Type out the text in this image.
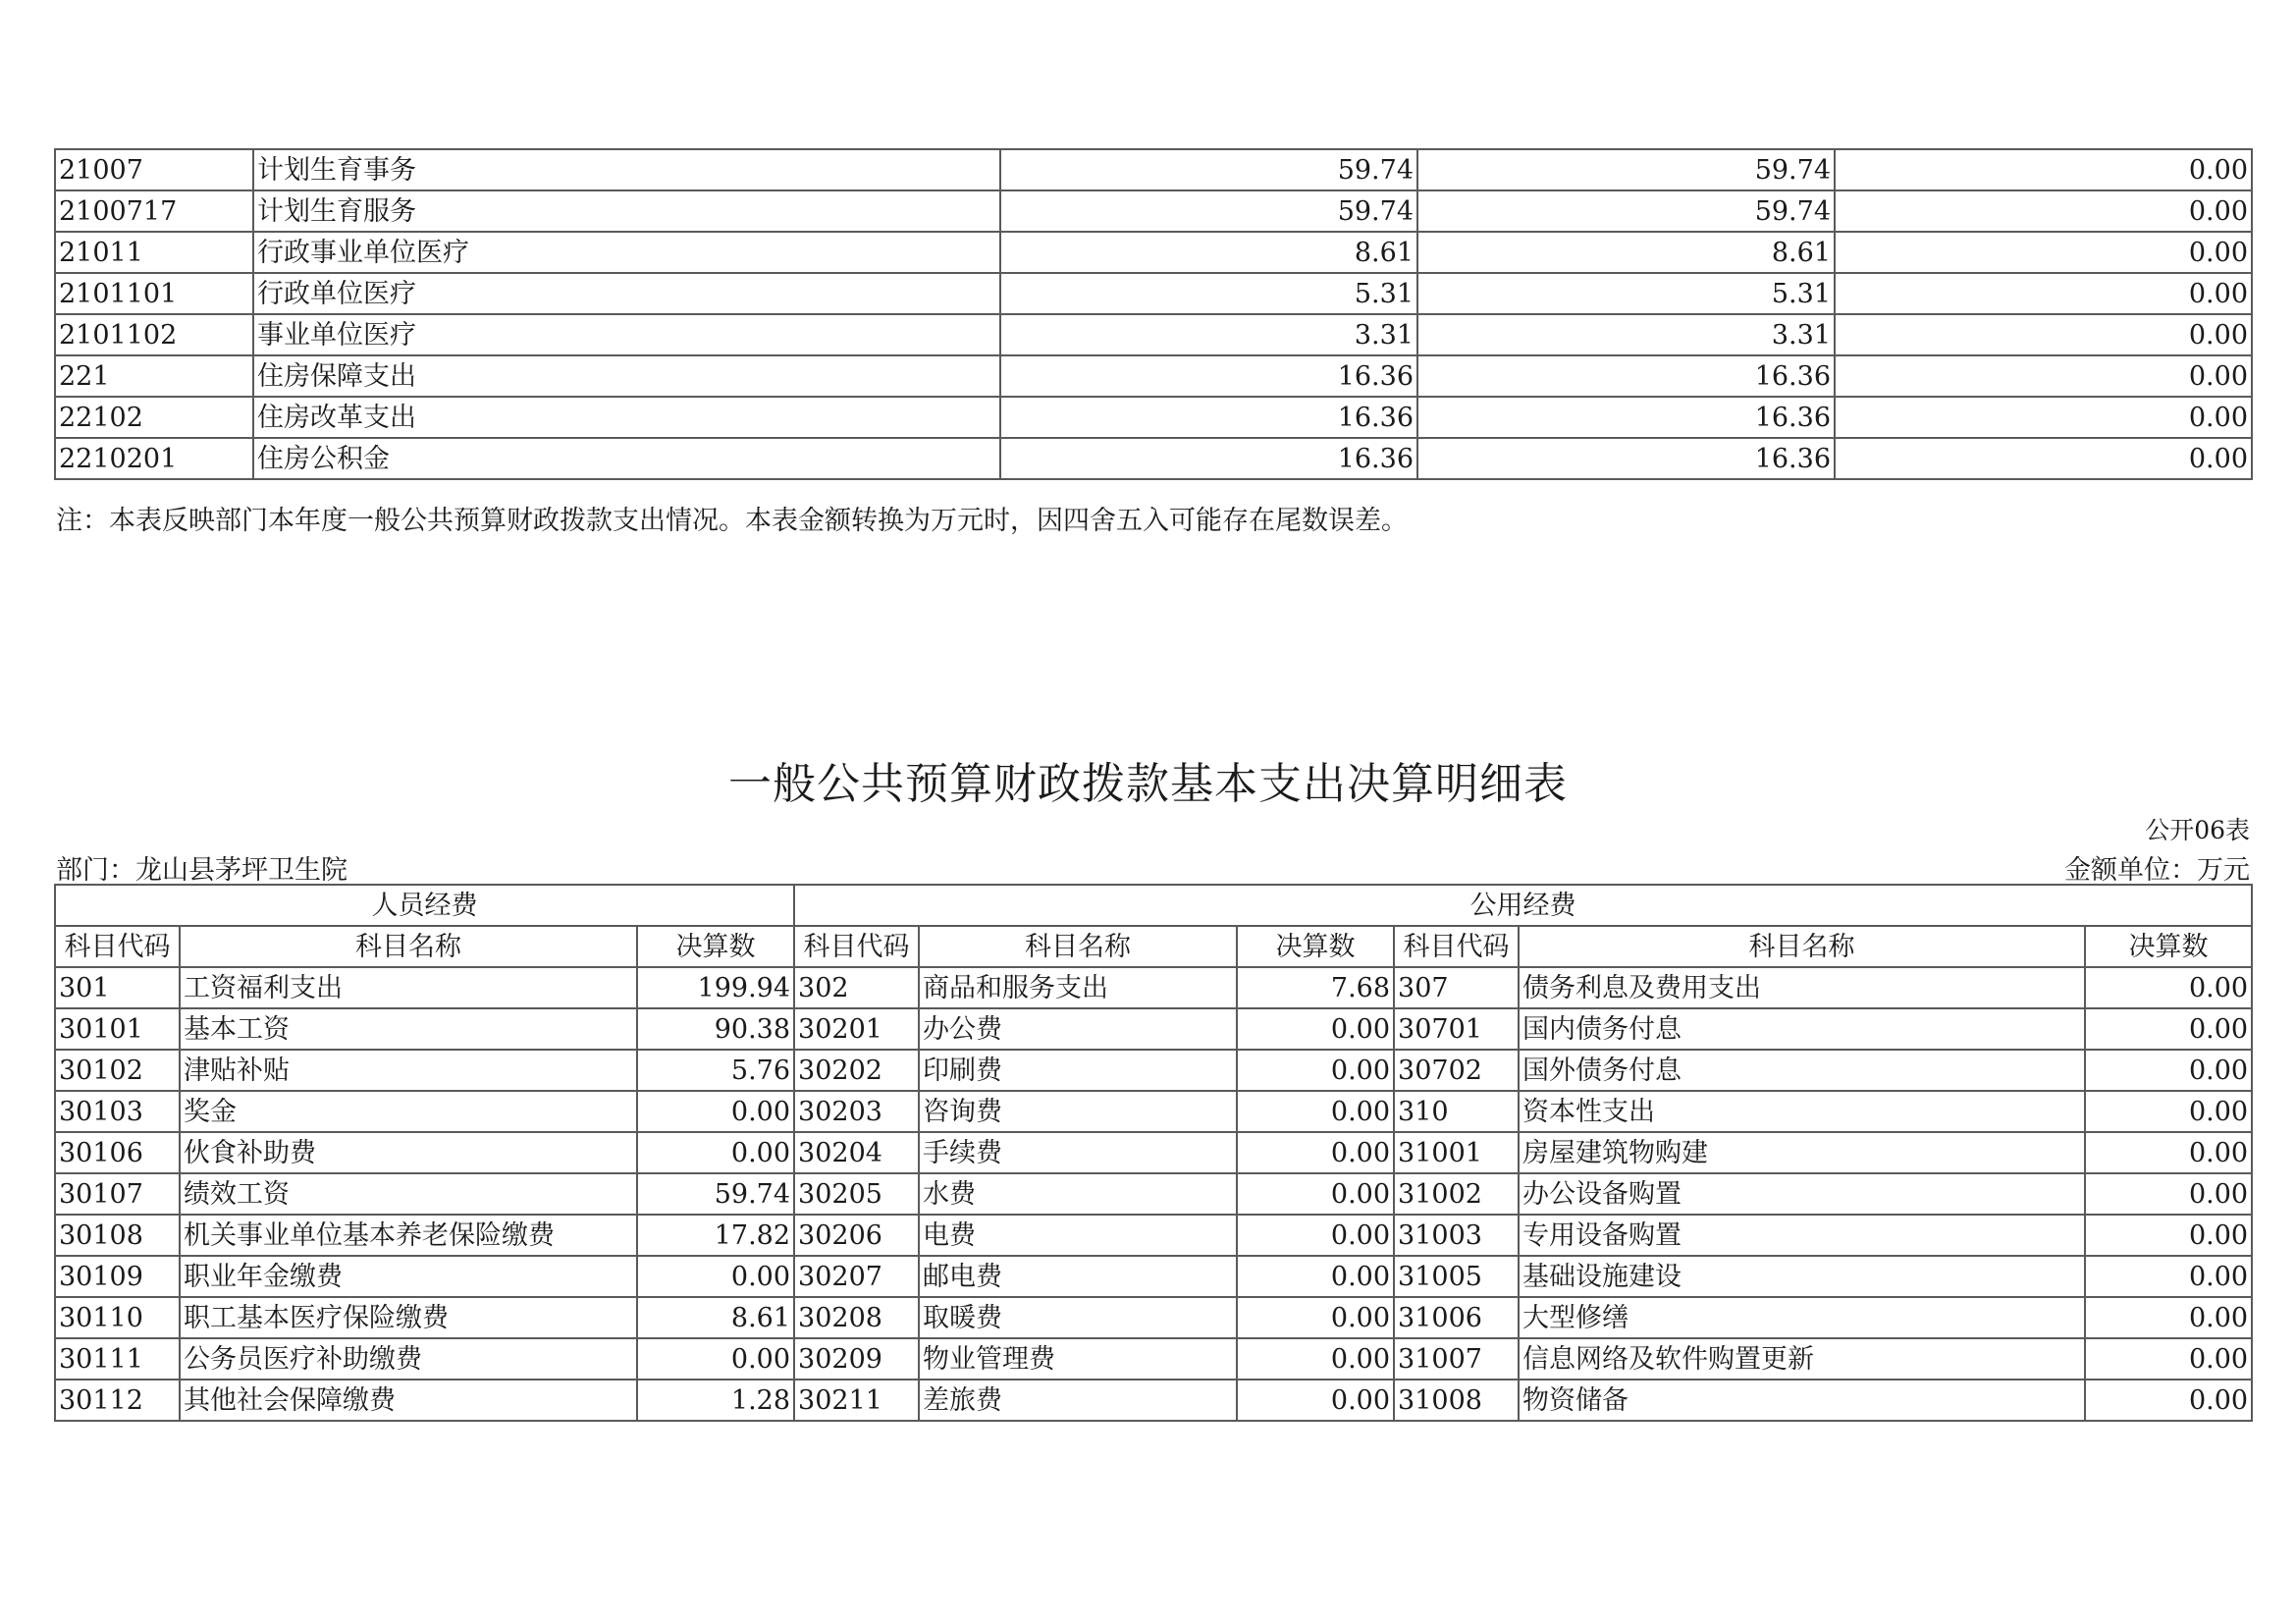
21007	计划生育事务	59.74	59.74	0.00
2100717	计划生育服务	59.74	59.74	0.00
21011	行政事业单位医疗	8.61	8.61	0.00
2101101	行政单位医疗	5.31	5.31	0.00
2101102	事业单位医疗	3.31	3.31	0.00
221	住房保障支出	16.36	16.36	0.00
22102	住房改革支出	16.36	16.36	0.00
2210201	住房公积金	16.36	16.36	0.00
注：本表反映部门本年度一般公共预算财政拨款支出情况。本表金额转换为万元时，因四舍五入可能存在尾数误差。
一般公共预算财政拨款基本支出决算明细表
公开06表
部门：龙山县茅坪卫生院	金额单位：万元
人员经费			公用经费					
科目代码	科目名称	决算数	科目代码	科目名称	决算数	科目代码	科目名称	决算数
301	工资福利支出	199.94	302	商品和服务支出	7.68	307	债务利息及费用支出	0.00
30101	基本工资	90.38	30201	办公费	0.00	30701	国内债务付息	0.00
30102	津贴补贴	5.76	30202	印刷费	0.00	30702	国外债务付息	0.00
30103	奖金	0.00	30203	咨询费	0.00	310	资本性支出	0.00
30106	伙食补助费	0.00	30204	手续费	0.00	31001	房屋建筑物购建	0.00
30107	绩效工资	59.74	30205	水费	0.00	31002	办公设备购置	0.00
30108	机关事业单位基本养老保险缴费	17.82	30206	电费	0.00	31003	专用设备购置	0.00
30109	职业年金缴费	0.00	30207	邮电费	0.00	31005	基础设施建设	0.00
30110	职工基本医疗保险缴费	8.61	30208	取暖费	0.00	31006	大型修缮	0.00
30111	公务员医疗补助缴费	0.00	30209	物业管理费	0.00	31007	信息网络及软件购置更新	0.00
30112	其他社会保障缴费	1.28	30211	差旅费	0.00	31008	物资储备	0.00
